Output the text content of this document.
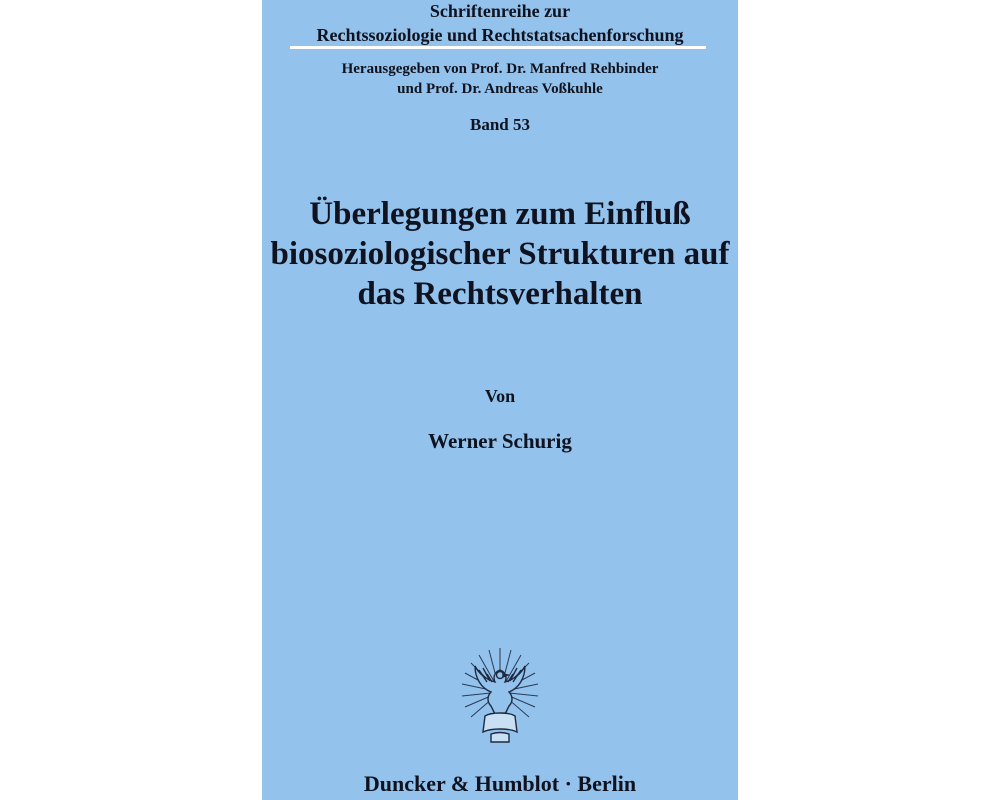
Schriftenreihe zur
Rechtssoziologie und Rechtstatsachenforschung
Herausgegeben von Prof. Dr. Manfred Rehbinder
und Prof. Dr. Andreas Voßkuhle
Band 53
Überlegungen zum Einfluß
biosoziologischer Strukturen auf
das Rechtsverhalten
Von
Werner Schurig
Duncker & Humblot · Berlin
